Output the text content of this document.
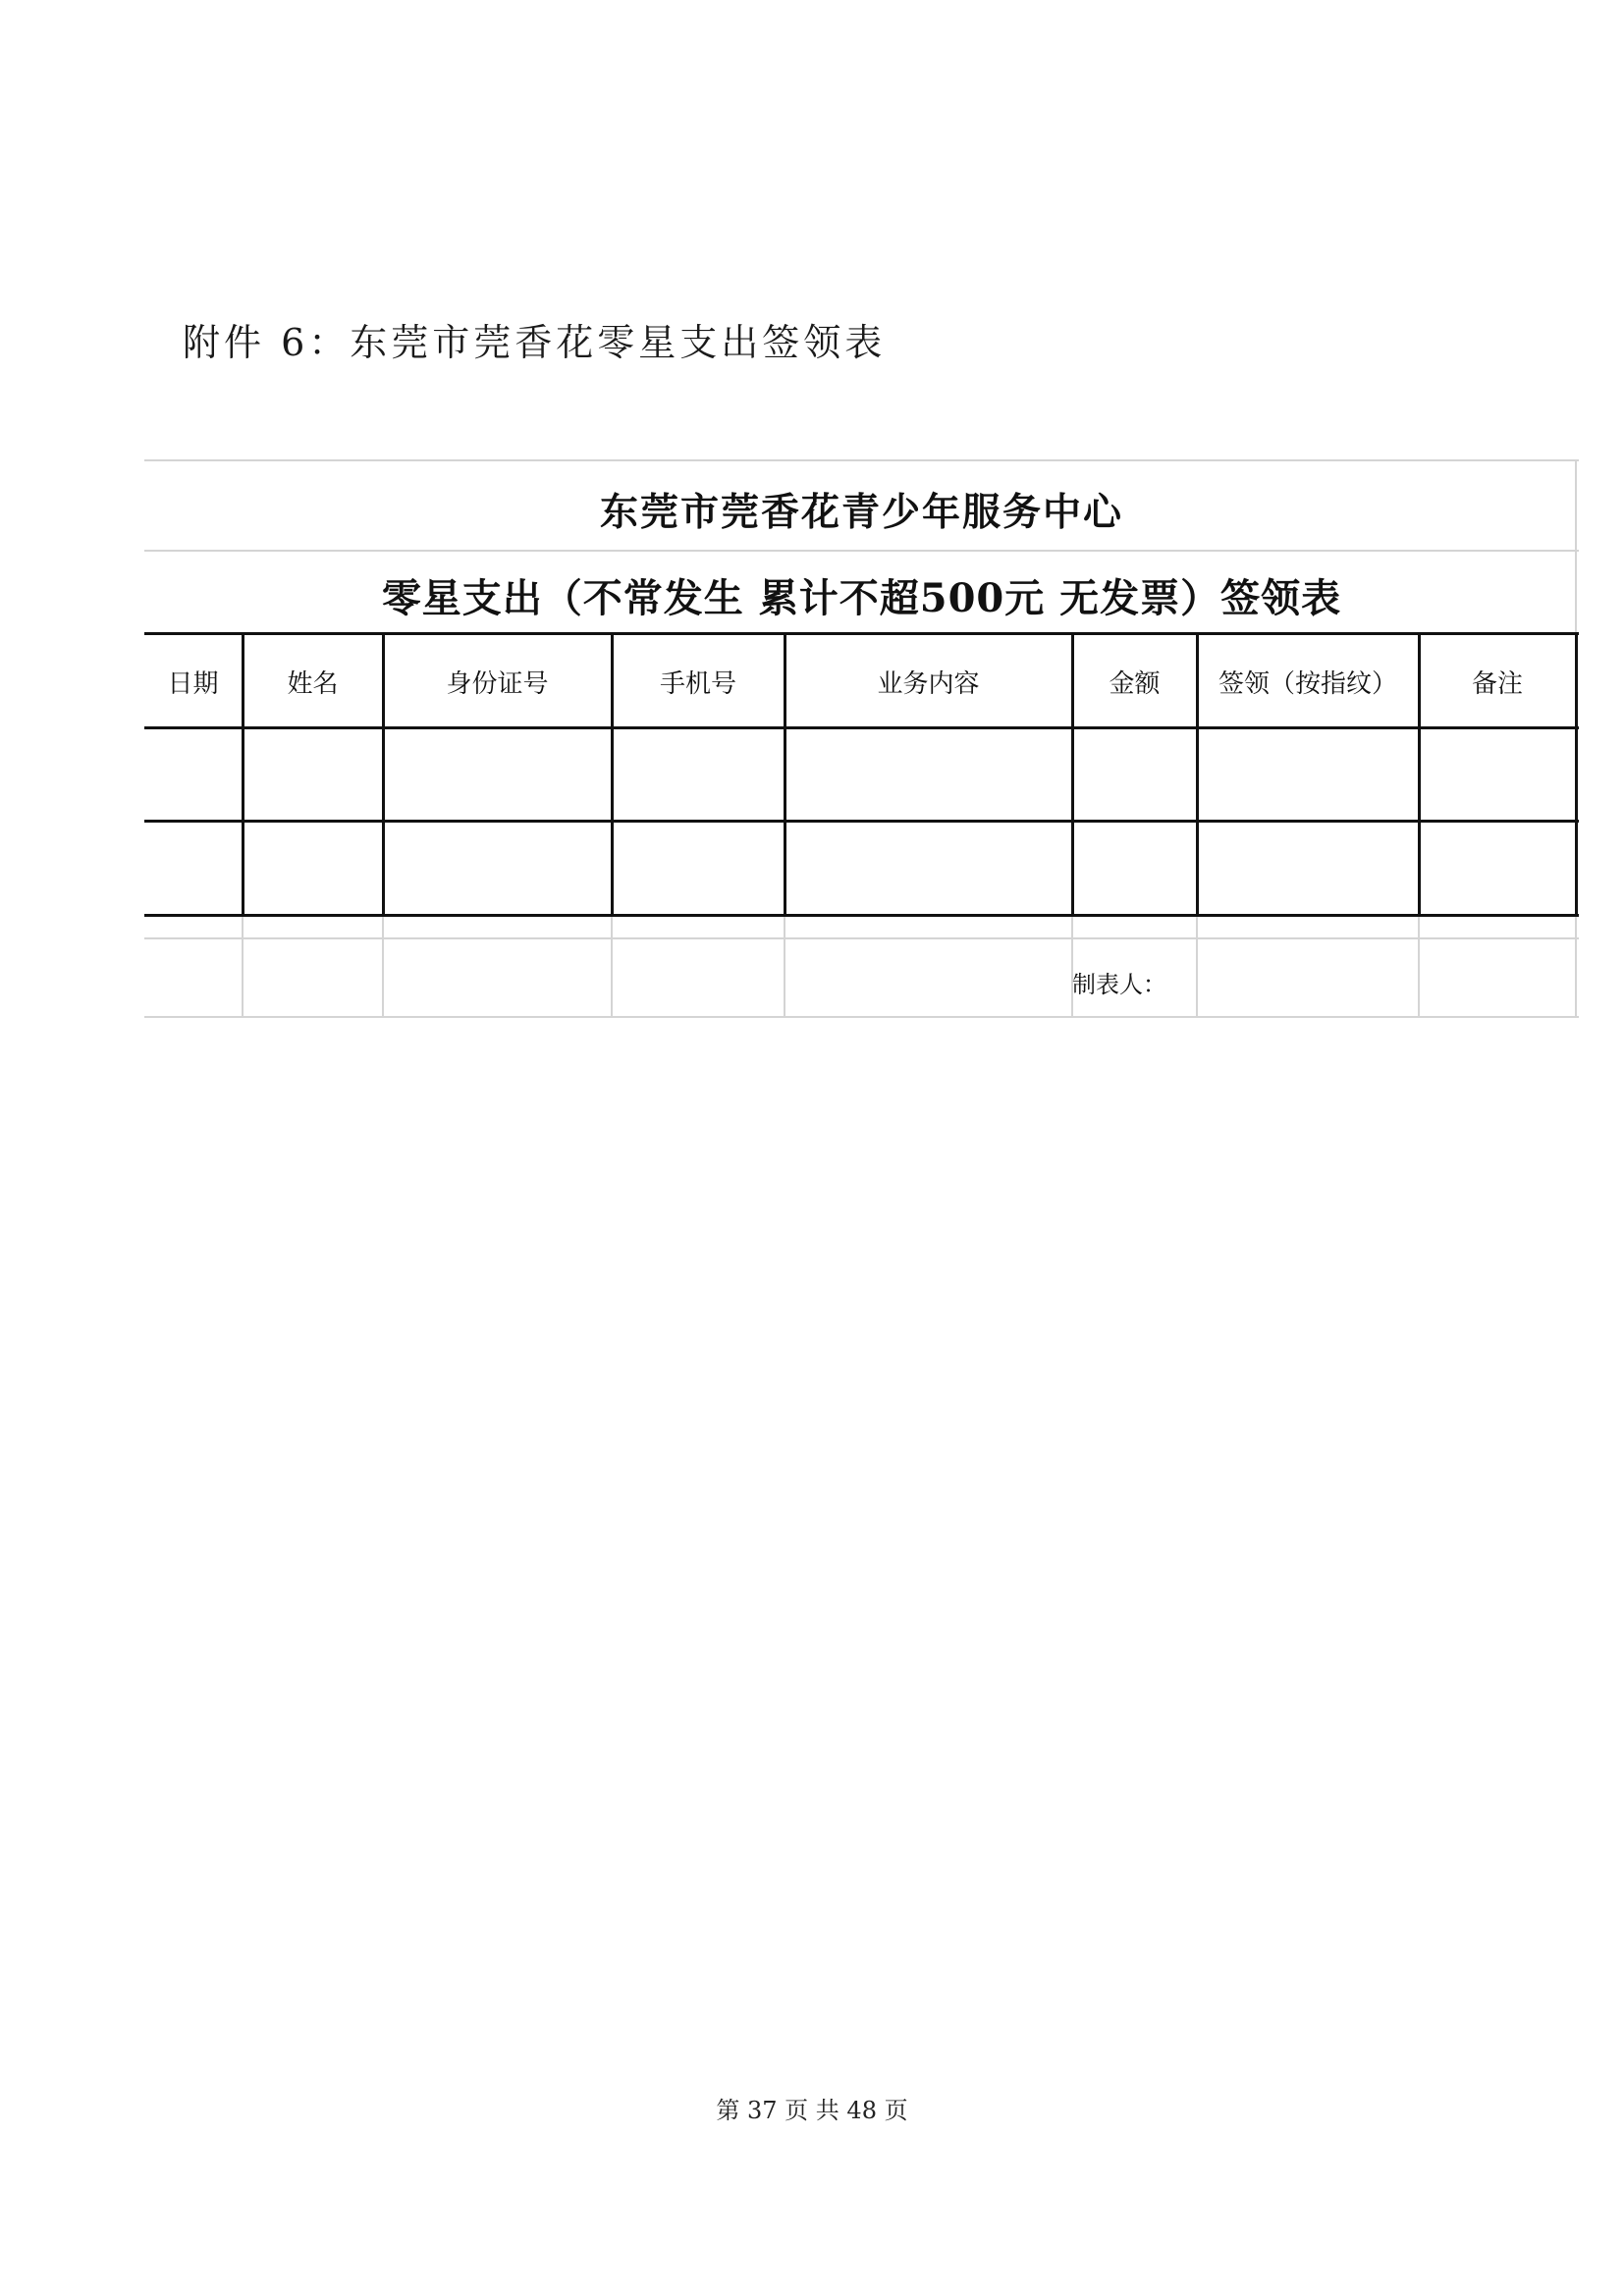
附件 6：东莞市莞香花零星支出签领表
东莞市莞香花青少年服务中心
零星支出（不常发生 累计不超500元 无发票）签领表
日期	姓名	身份证号	手机号	业务内容	金额	签领（按指纹）	备注
制表人：
第 37 页 共 48 页
